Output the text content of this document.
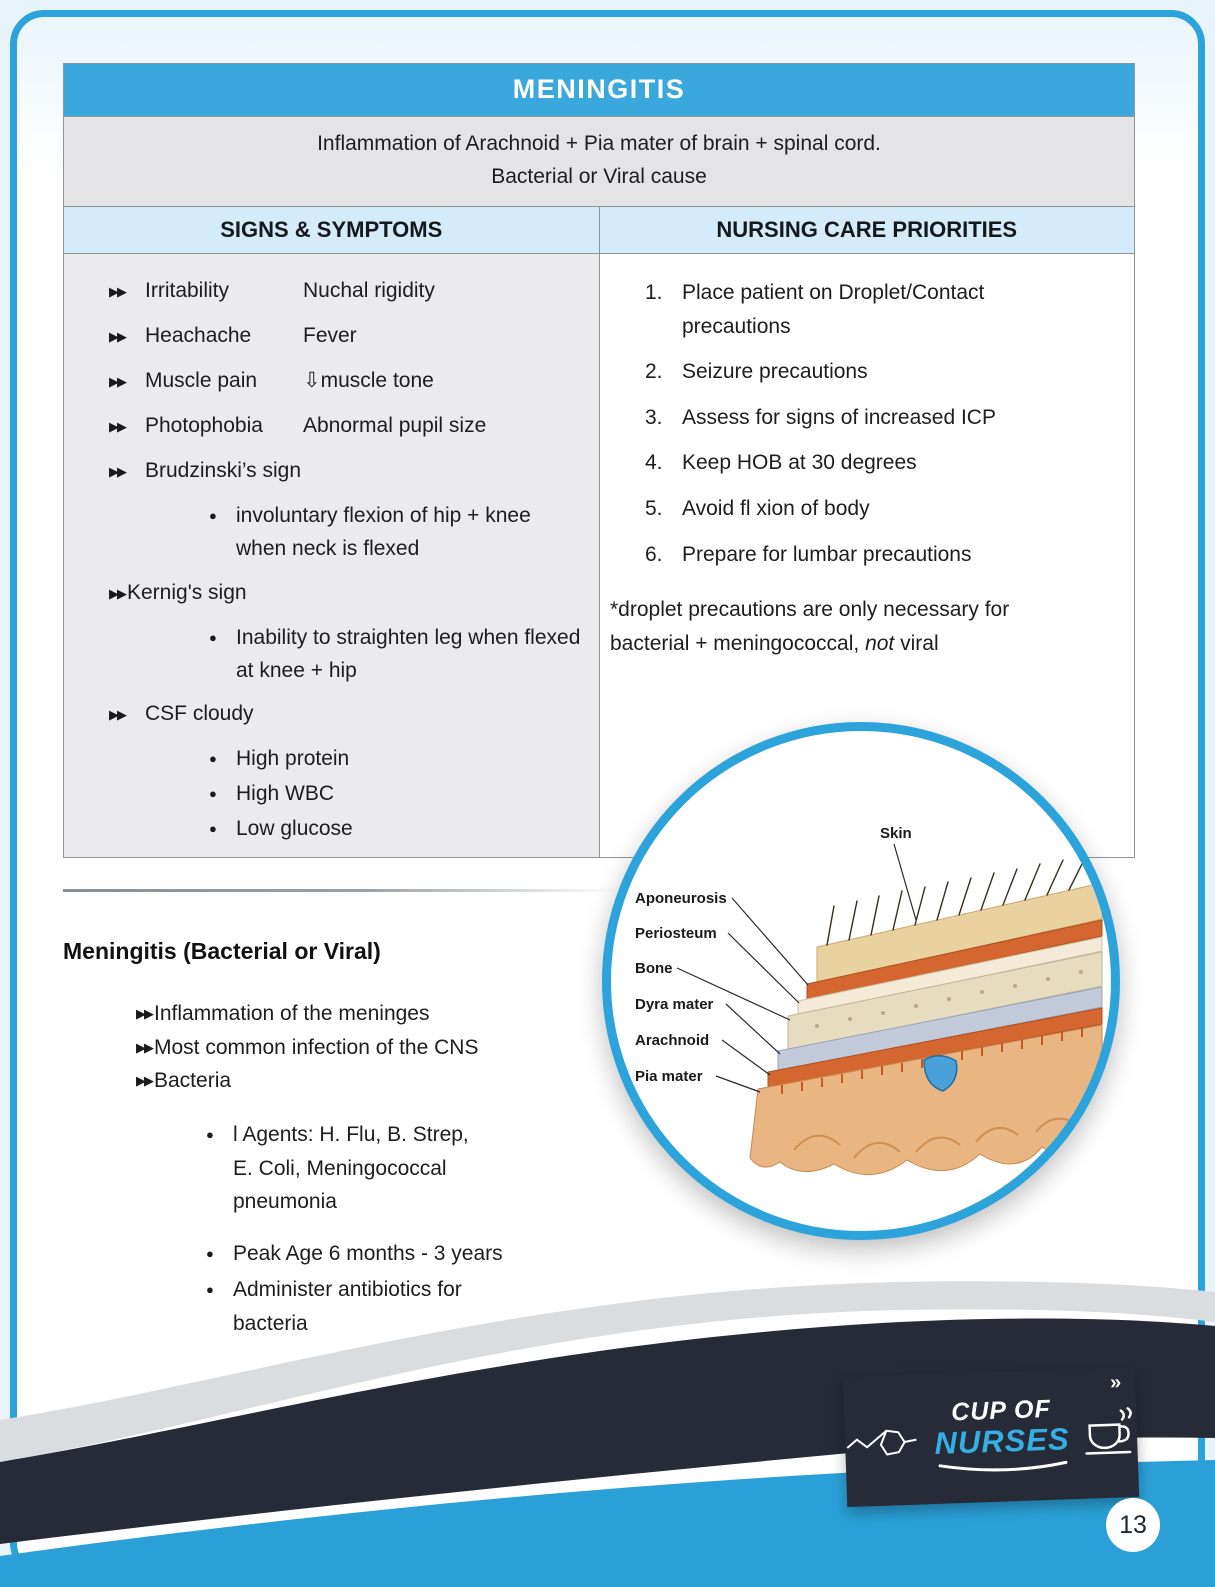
MENINGITIS
Inflammation of Arachnoid + Pia mater of brain + spinal cord.
Bacterial or Viral cause
SIGNS & SYMPTOMS	NURSING CARE PRIORITIES
▶▶ Irritability	Nuchal rigidity
▶▶ Heachache	Fever
▶▶ Muscle pain	⇩muscle tone
▶▶ Photophobia	Abnormal pupil size
▶▶ Brudzinski’s sign
● involuntary flexion of hip + knee when neck is flexed
▶▶ Kernig's sign
● Inability to straighten leg when flexed at knee + hip
▶▶ CSF cloudy
● High protein
● High WBC
● Low glucose
1. Place patient on Droplet/Contact precautions
2. Seizure precautions
3. Assess for signs of increased ICP
4. Keep HOB at 30 degrees
5. Avoid fl xion of body
6. Prepare for lumbar precautions
*droplet precautions are only necessary for bacterial + meningococcal, not viral
Meningitis (Bacterial or Viral)
▶▶ Inflammation of the meninges
▶▶ Most common infection of the CNS
▶▶ Bacteria
● l Agents: H. Flu, B. Strep, E. Coli, Meningococcal pneumonia
● Peak Age 6 months - 3 years
● Administer antibiotics for bacteria
Skin
Aponeurosis
Periosteum
Bone
Dyra mater
Arachnoid
Pia mater
»
CUP OF
NURSES
13
